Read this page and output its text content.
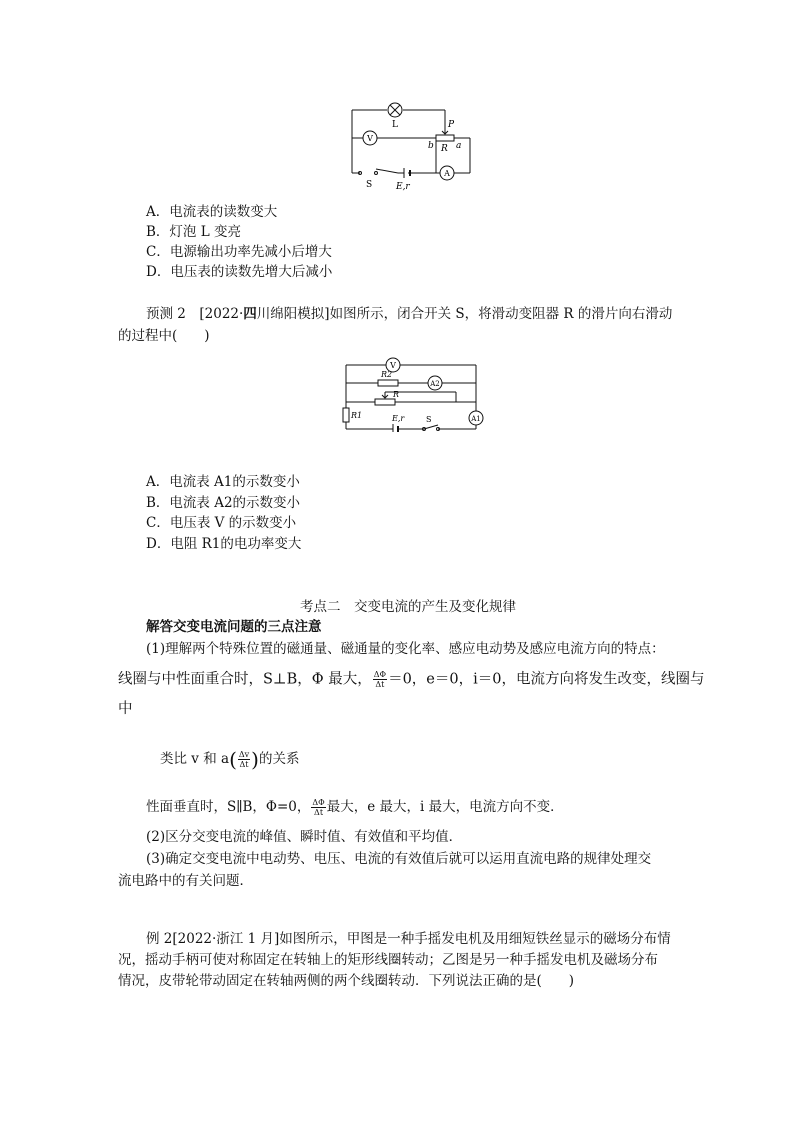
L	P
R
b a
V
A
S	E,r
A．电流表的读数变大
B．灯泡 L 变亮
C．电源输出功率先减小后增大
D．电压表的读数先增大后减小
预测 2　[2022·四川绵阳模拟]如图所示，闭合开关 S，将滑动变阻器 R 的滑片向右滑动
的过程中(　　)
V
R2
A2
R
R1	E,r	S	A1
A．电流表 A1的示数变小
B．电流表 A2的示数变小
C．电压表 V 的示数变小
D．电阻 R1的电功率变大
考点二　交变电流的产生及变化规律
解答交变电流问题的三点注意
(1)理解两个特殊位置的磁通量、磁通量的变化率、感应电动势及感应电流方向的特点：
线圈与中性面重合时，S⊥B，Φ 最大， $\frac{\Delta\Phi}{\Delta t} =0$，e＝0，i＝0，电流方向将发生改变，线圈与
中
类比 v 和 $a( \frac{\Delta v}{\Delta t}$ )的关系
性面垂直时，S∥B，Φ=0， $\frac{\Delta\Phi}{\Delta t}$ 最大，e 最大，i 最大，电流方向不变．
(2)区分交变电流的峰值、瞬时值、有效值和平均值．
(3)确定交变电流中电动势、电压、电流的有效值后就可以运用直流电路的规律处理交
流电路中的有关问题．
例 2[2022·浙江 1 月]如图所示，甲图是一种手摇发电机及用细短铁丝显示的磁场分布情
况，摇动手柄可使对称固定在转轴上的矩形线圈转动；乙图是另一种手摇发电机及磁场分布
情况，皮带轮带动固定在转轴两侧的两个线圈转动．下列说法正确的是(　　)
